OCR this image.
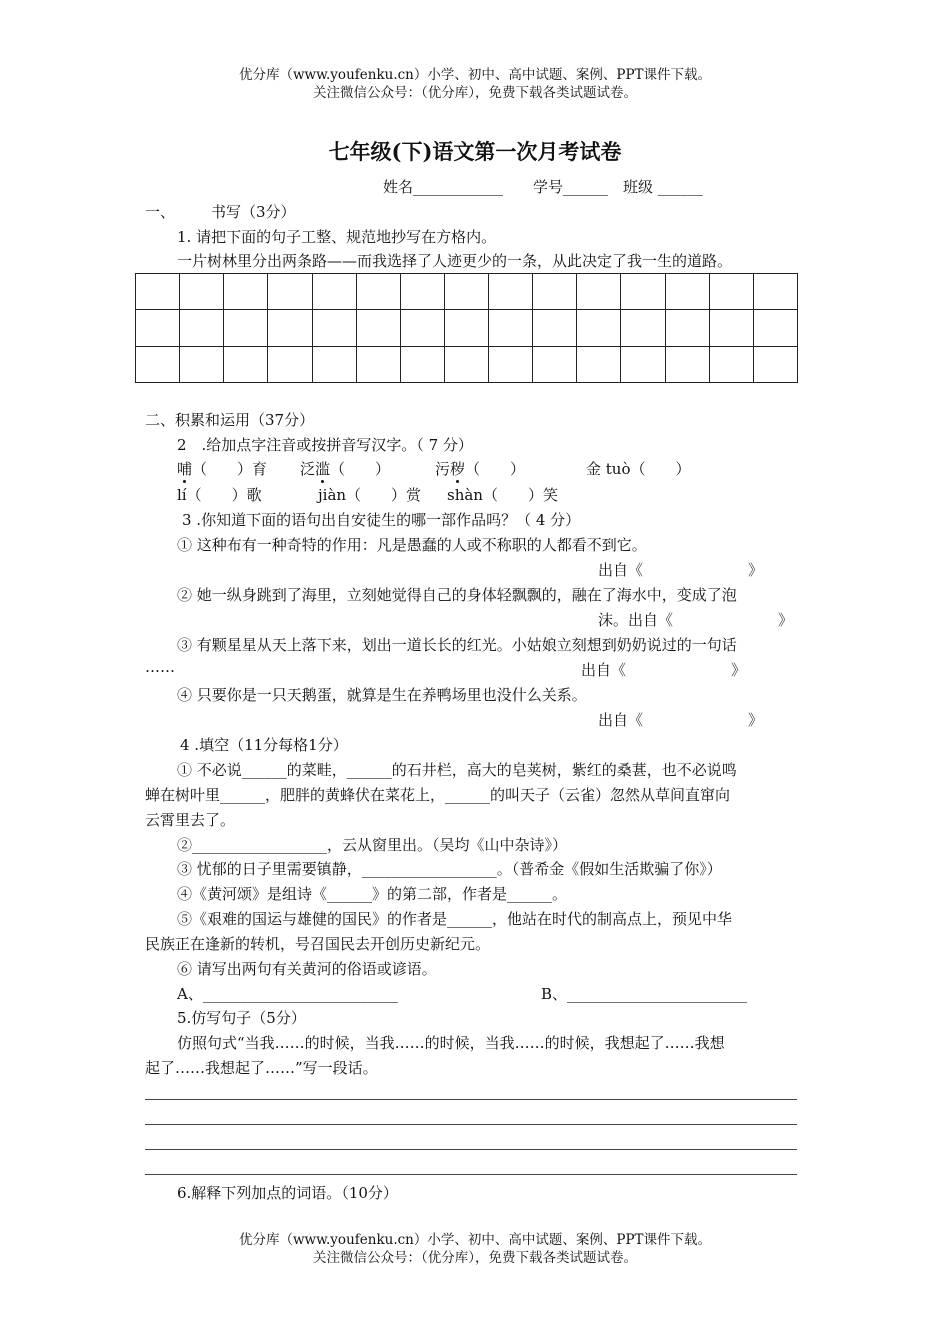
优分库（www.youfenku.cn）小学、初中、高中试题、案例、PPT课件下载。
关注微信公众号：（优分库），免费下载各类试题试卷。
七年级(下)语文第一次月考试卷
姓名____________　　学号______　班级 ______
一、 书写（3分）
1. 请把下面的句子工整、规范地抄写在方格内。
一片树林里分出两条路——而我选择了人迹更少的一条，从此决定了我一生的道路。

二、积累和运用（37分）
2　.给加点字注音或按拼音写汉字。（ 7 分）
哺（　　）育 泛滥（　　）	污秽（　　）	金 tuò（　　）
lí（　　）歌	jiàn（　　）赏 shàn（　　）笑
3 .你知道下面的语句出自安徒生的哪一部作品吗？（ 4 分）
① 这种布有一种奇特的作用：凡是愚蠢的人或不称职的人都看不到它。
出自《　　　　　　　》
② 她一纵身跳到了海里，立刻她觉得自己的身体轻飘飘的，融在了海水中，变成了泡
沫。出自《　　　　　　　》
③ 有颗星星从天上落下来，划出一道长长的红光。小姑娘立刻想到奶奶说过的一句话
……	出自《　　　　　　　》
④ 只要你是一只天鹅蛋，就算是生在养鸭场里也没什么关系。
出自《　　　　　　　》
4 .填空（11分每格1分）
① 不必说______的菜畦，______的石井栏，高大的皂荚树，紫红的桑葚，也不必说鸣
蝉在树叶里______，肥胖的黄蜂伏在菜花上，______的叫天子（云雀）忽然从草间直窜向
云霄里去了。
②__________________，云从窗里出。（吴均《山中杂诗》）
③ 忧郁的日子里需要镇静，__________________。（普希金《假如生活欺骗了你》）
④《黄河颂》是组诗《______》的第二部，作者是______。
⑤《艰难的国运与雄健的国民》的作者是______，他站在时代的制高点上，预见中华
民族正在逢新的转机，号召国民去开创历史新纪元。
⑥ 请写出两句有关黄河的俗语或谚语。
A、__________________________	B、________________________
5.仿写句子（5分）
仿照句式“当我……的时候，当我……的时候，当我……的时候，我想起了……我想
起了……我想起了……”写一段话。
6.解释下列加点的词语。（10分）
优分库（www.youfenku.cn）小学、初中、高中试题、案例、PPT课件下载。
关注微信公众号：（优分库），免费下载各类试题试卷。
